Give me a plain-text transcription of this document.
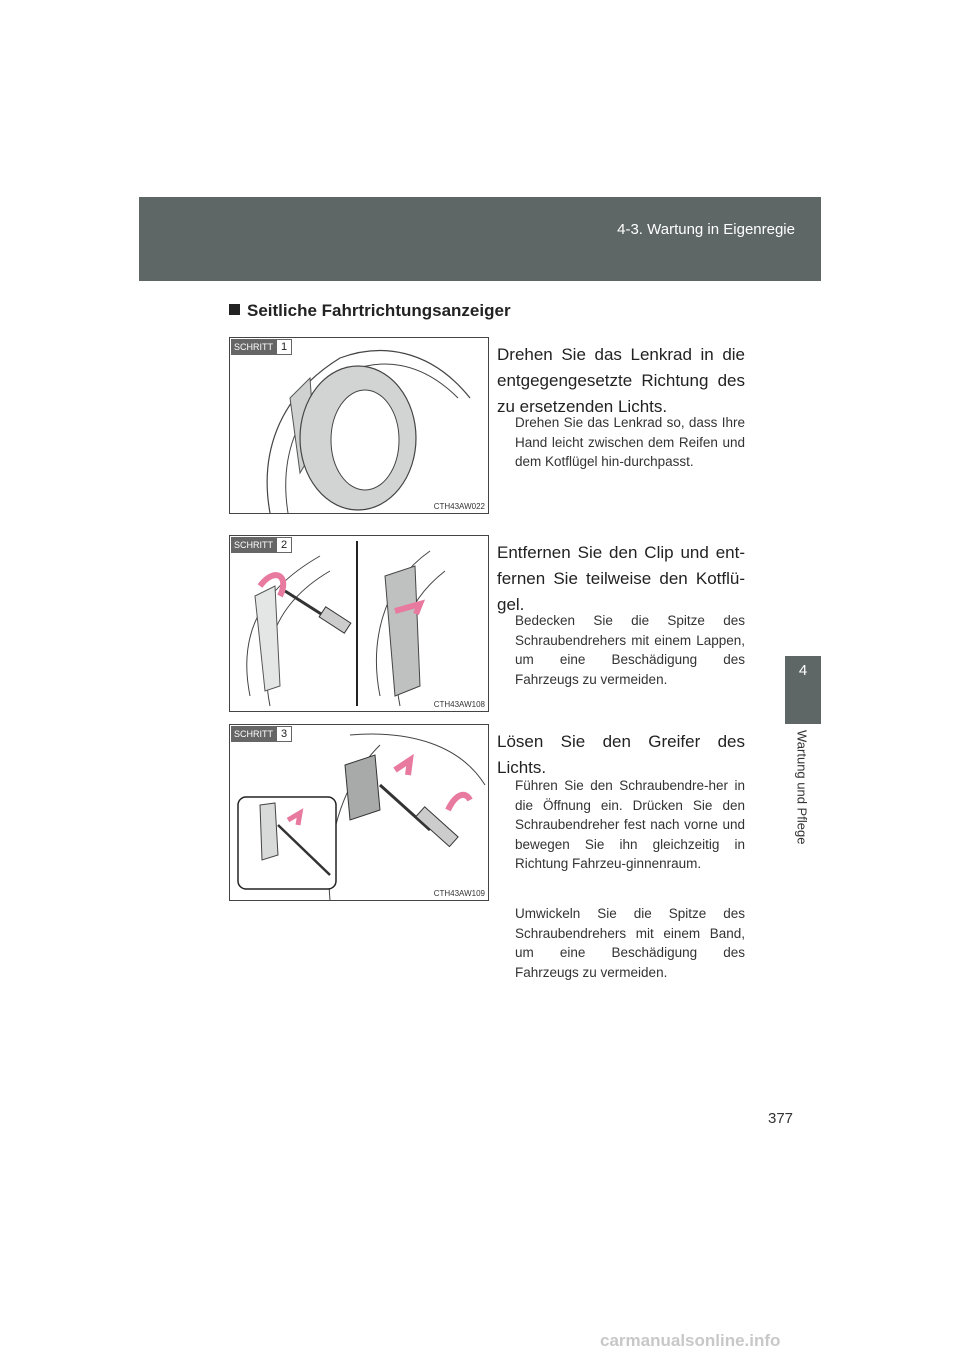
4-3. Wartung in Eigenregie
4
Wartung und Pflege
Seitliche Fahrtrichtungsanzeiger
SCHRITT 1
CTH43AW022
SCHRITT 2
CTH43AW108
SCHRITT 3
CTH43AW109
Drehen Sie das Lenkrad in die entgegengesetzte Richtung des zu ersetzenden Lichts.
Drehen Sie das Lenkrad so, dass Ihre Hand leicht zwischen dem Reifen und dem Kotflügel hin-durchpasst.
Entfernen Sie den Clip und ent-fernen Sie teilweise den Kotflü-gel.
Bedecken Sie die Spitze des Schraubendrehers mit einem Lappen, um eine Beschädigung des Fahrzeugs zu vermeiden.
Lösen Sie den Greifer des Lichts.
Führen Sie den Schraubendre-her in die Öffnung ein. Drücken Sie den Schraubendreher fest nach vorne und bewegen Sie ihn gleichzeitig in Richtung Fahrzeu-ginnenraum.
Umwickeln Sie die Spitze des Schraubendrehers mit einem Band, um eine Beschädigung des Fahrzeugs zu vermeiden.
377
carmanualsonline.info
